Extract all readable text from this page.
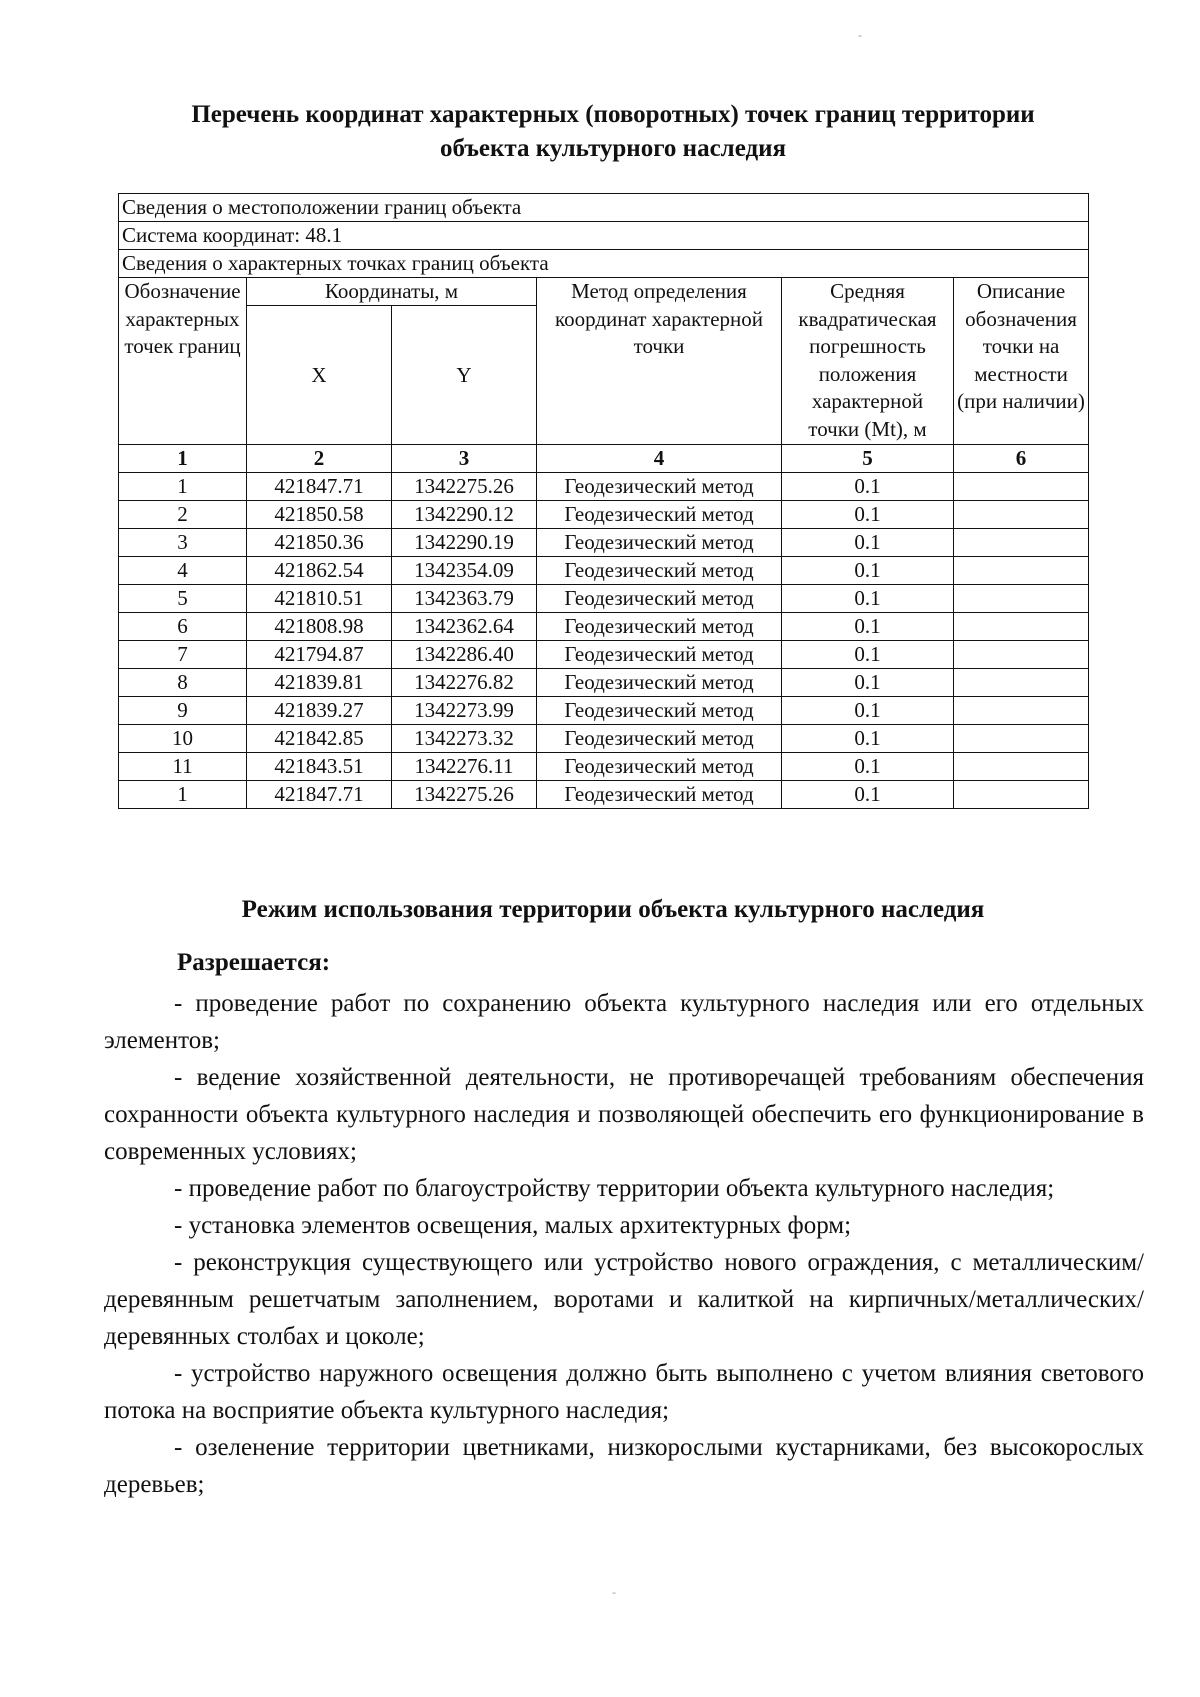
Перечень координат характерных (поворотных) точек границ территории
объекта культурного наследия
Сведения о местоположении границ объекта					
Система координат: 48.1					
Сведения о характерных точках границ объекта					
Обозначение характерных точек границ	Координаты, м		Метод определения координат характерной точки	Средняя квадратическая погрешность положения характерной точки (Mt), м	Описание обозначения точки на местности (при наличии)
	X	Y			
1	2	3	4	5	6
1	421847.71	1342275.26	Геодезический метод	0.1	
2	421850.58	1342290.12	Геодезический метод	0.1	
3	421850.36	1342290.19	Геодезический метод	0.1	
4	421862.54	1342354.09	Геодезический метод	0.1	
5	421810.51	1342363.79	Геодезический метод	0.1	
6	421808.98	1342362.64	Геодезический метод	0.1	
7	421794.87	1342286.40	Геодезический метод	0.1	
8	421839.81	1342276.82	Геодезический метод	0.1	
9	421839.27	1342273.99	Геодезический метод	0.1	
10	421842.85	1342273.32	Геодезический метод	0.1	
11	421843.51	1342276.11	Геодезический метод	0.1	
1	421847.71	1342275.26	Геодезический метод	0.1	
Режим использования территории объекта культурного наследия
Разрешается:

- проведение работ по сохранению объекта культурного наследия или его отдельных элементов;

- ведение хозяйственной деятельности, не противоречащей требованиям обеспечения сохранности объекта культурного наследия и позволяющей обеспечить его функционирование в современных условиях;

- проведение работ по благоустройству территории объекта культурного наследия;

- установка элементов освещения, малых архитектурных форм;

- реконструкция существующего или устройство нового ограждения, с металлическим/деревянным решетчатым заполнением, воротами и калиткой на кирпичных/металлических/деревянных столбах и цоколе;

- устройство наружного освещения должно быть выполнено с учетом влияния светового потока на восприятие объекта культурного наследия;

- озеленение территории цветниками, низкорослыми кустарниками, без высокорослых деревьев;

-
-
